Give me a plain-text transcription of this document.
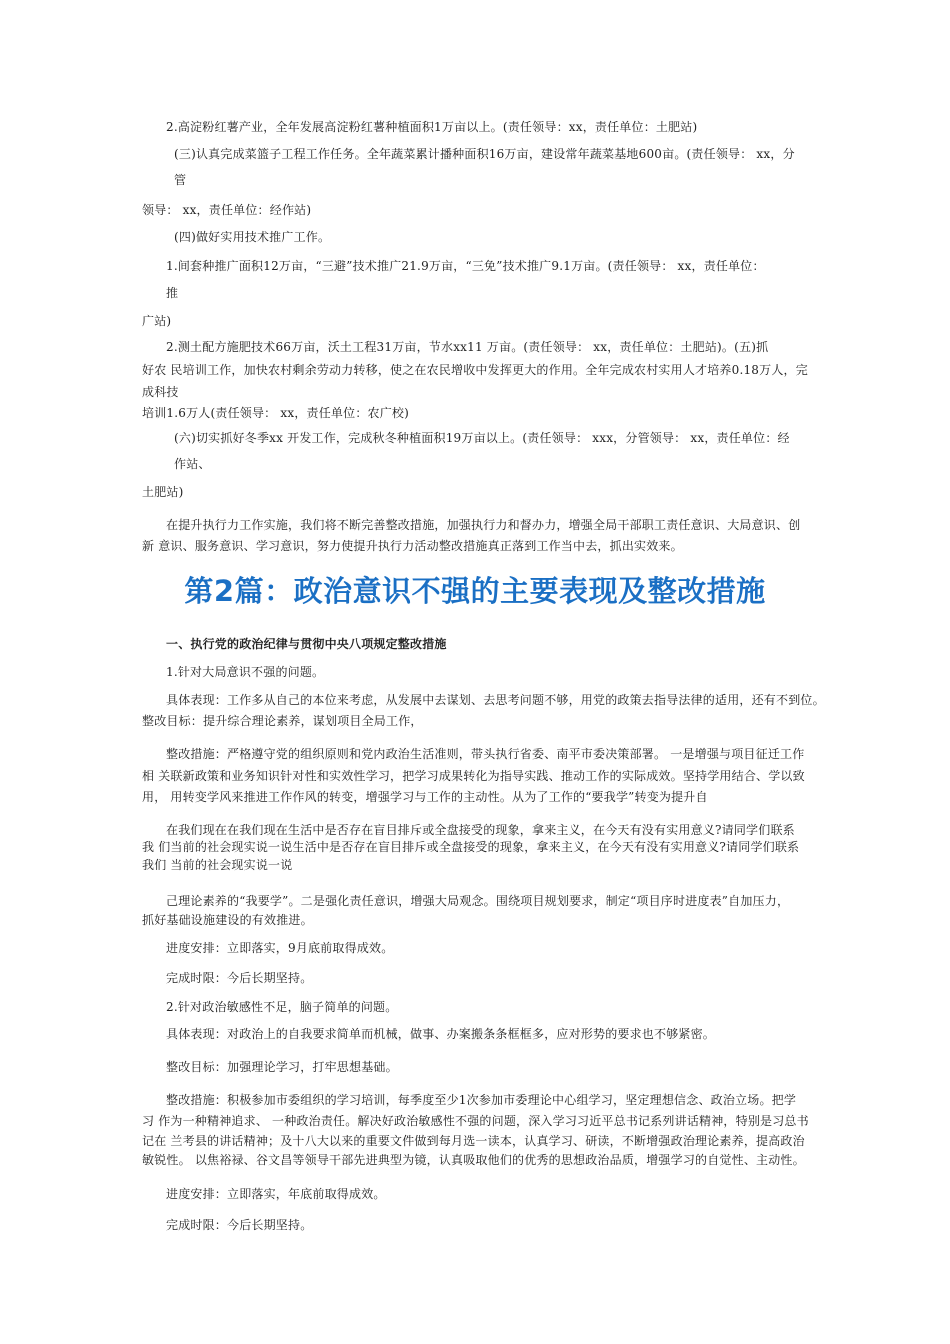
2.高淀粉红薯产业，全年发展高淀粉红薯种植面积1万亩以上。(责任领导：xx，责任单位：土肥站)
(三)认真完成菜篮子工程工作任务。全年蔬菜累计播种面积16万亩，建设常年蔬菜基地600亩。(责任领导： xx，分
管
领导： xx，责任单位：经作站)
(四)做好实用技术推广工作。
1.间套种推广面积12万亩，“三避”技术推广21.9万亩，“三免”技术推广9.1万亩。(责任领导： xx，责任单位：
推
广站)
2.测土配方施肥技术66万亩，沃土工程31万亩，节水xx11 万亩。(责任领导： xx，责任单位：土肥站)。(五)抓
好农 民培训工作，加快农村剩余劳动力转移，使之在农民增收中发挥更大的作用。全年完成农村实用人才培养0.18万人，完
成科技
培训1.6万人(责任领导： xx，责任单位：农广校)
(六)切实抓好冬季xx 开发工作，完成秋冬种植面积19万亩以上。(责任领导： xxx，分管领导： xx，责任单位：经
作站、
土肥站)
在提升执行力工作实施，我们将不断完善整改措施，加强执行力和督办力，增强全局干部职工责任意识、大局意识、创
新 意识、服务意识、学习意识，努力使提升执行力活动整改措施真正落到工作当中去，抓出实效来。
第2篇：政治意识不强的主要表现及整改措施
一、执行党的政治纪律与贯彻中央八项规定整改措施
1.针对大局意识不强的问题。
具体表现：工作多从自己的本位来考虑，从发展中去谋划、去思考问题不够，用党的政策去指导法律的适用，还有不到位。
整改目标：提升综合理论素养，谋划项目全局工作，
整改措施：严格遵守党的组织原则和党内政治生活准则，带头执行省委、南平市委决策部署。 一是增强与项目征迁工作
相 关联新政策和业务知识针对性和实效性学习，把学习成果转化为指导实践、推动工作的实际成效。坚持学用结合、学以致
用， 用转变学风来推进工作作风的转变，增强学习与工作的主动性。从为了工作的“要我学”转变为提升自
在我们现在在我们现在生活中是否存在盲目排斥或全盘接受的现象，拿来主义，在今天有没有实用意义?请同学们联系
我 们当前的社会现实说一说生活中是否存在盲目排斥或全盘接受的现象，拿来主义，在今天有没有实用意义?请同学们联系
我们 当前的社会现实说一说
己理论素养的“我要学”。二是强化责任意识，增强大局观念。围绕项目规划要求，制定“项目序时进度表”自加压力，
抓好基础设施建设的有效推进。
进度安排：立即落实，9月底前取得成效。
完成时限：今后长期坚持。
2.针对政治敏感性不足，脑子简单的问题。
具体表现：对政治上的自我要求简单而机械，做事、办案搬条条框框多，应对形势的要求也不够紧密。
整改目标：加强理论学习，打牢思想基础。
整改措施：积极参加市委组织的学习培训，每季度至少1次参加市委理论中心组学习，坚定理想信念、政治立场。把学
习 作为一种精神追求、 一种政治责任。解决好政治敏感性不强的问题，深入学习习近平总书记系列讲话精神，特别是习总书
记在 兰考县的讲话精神；及十八大以来的重要文件做到每月选一读本，认真学习、研读，不断增强政治理论素养，提高政治
敏锐性。 以焦裕禄、谷文昌等领导干部先进典型为镜，认真吸取他们的优秀的思想政治品质，增强学习的自觉性、主动性。
进度安排：立即落实，年底前取得成效。
完成时限：今后长期坚持。
